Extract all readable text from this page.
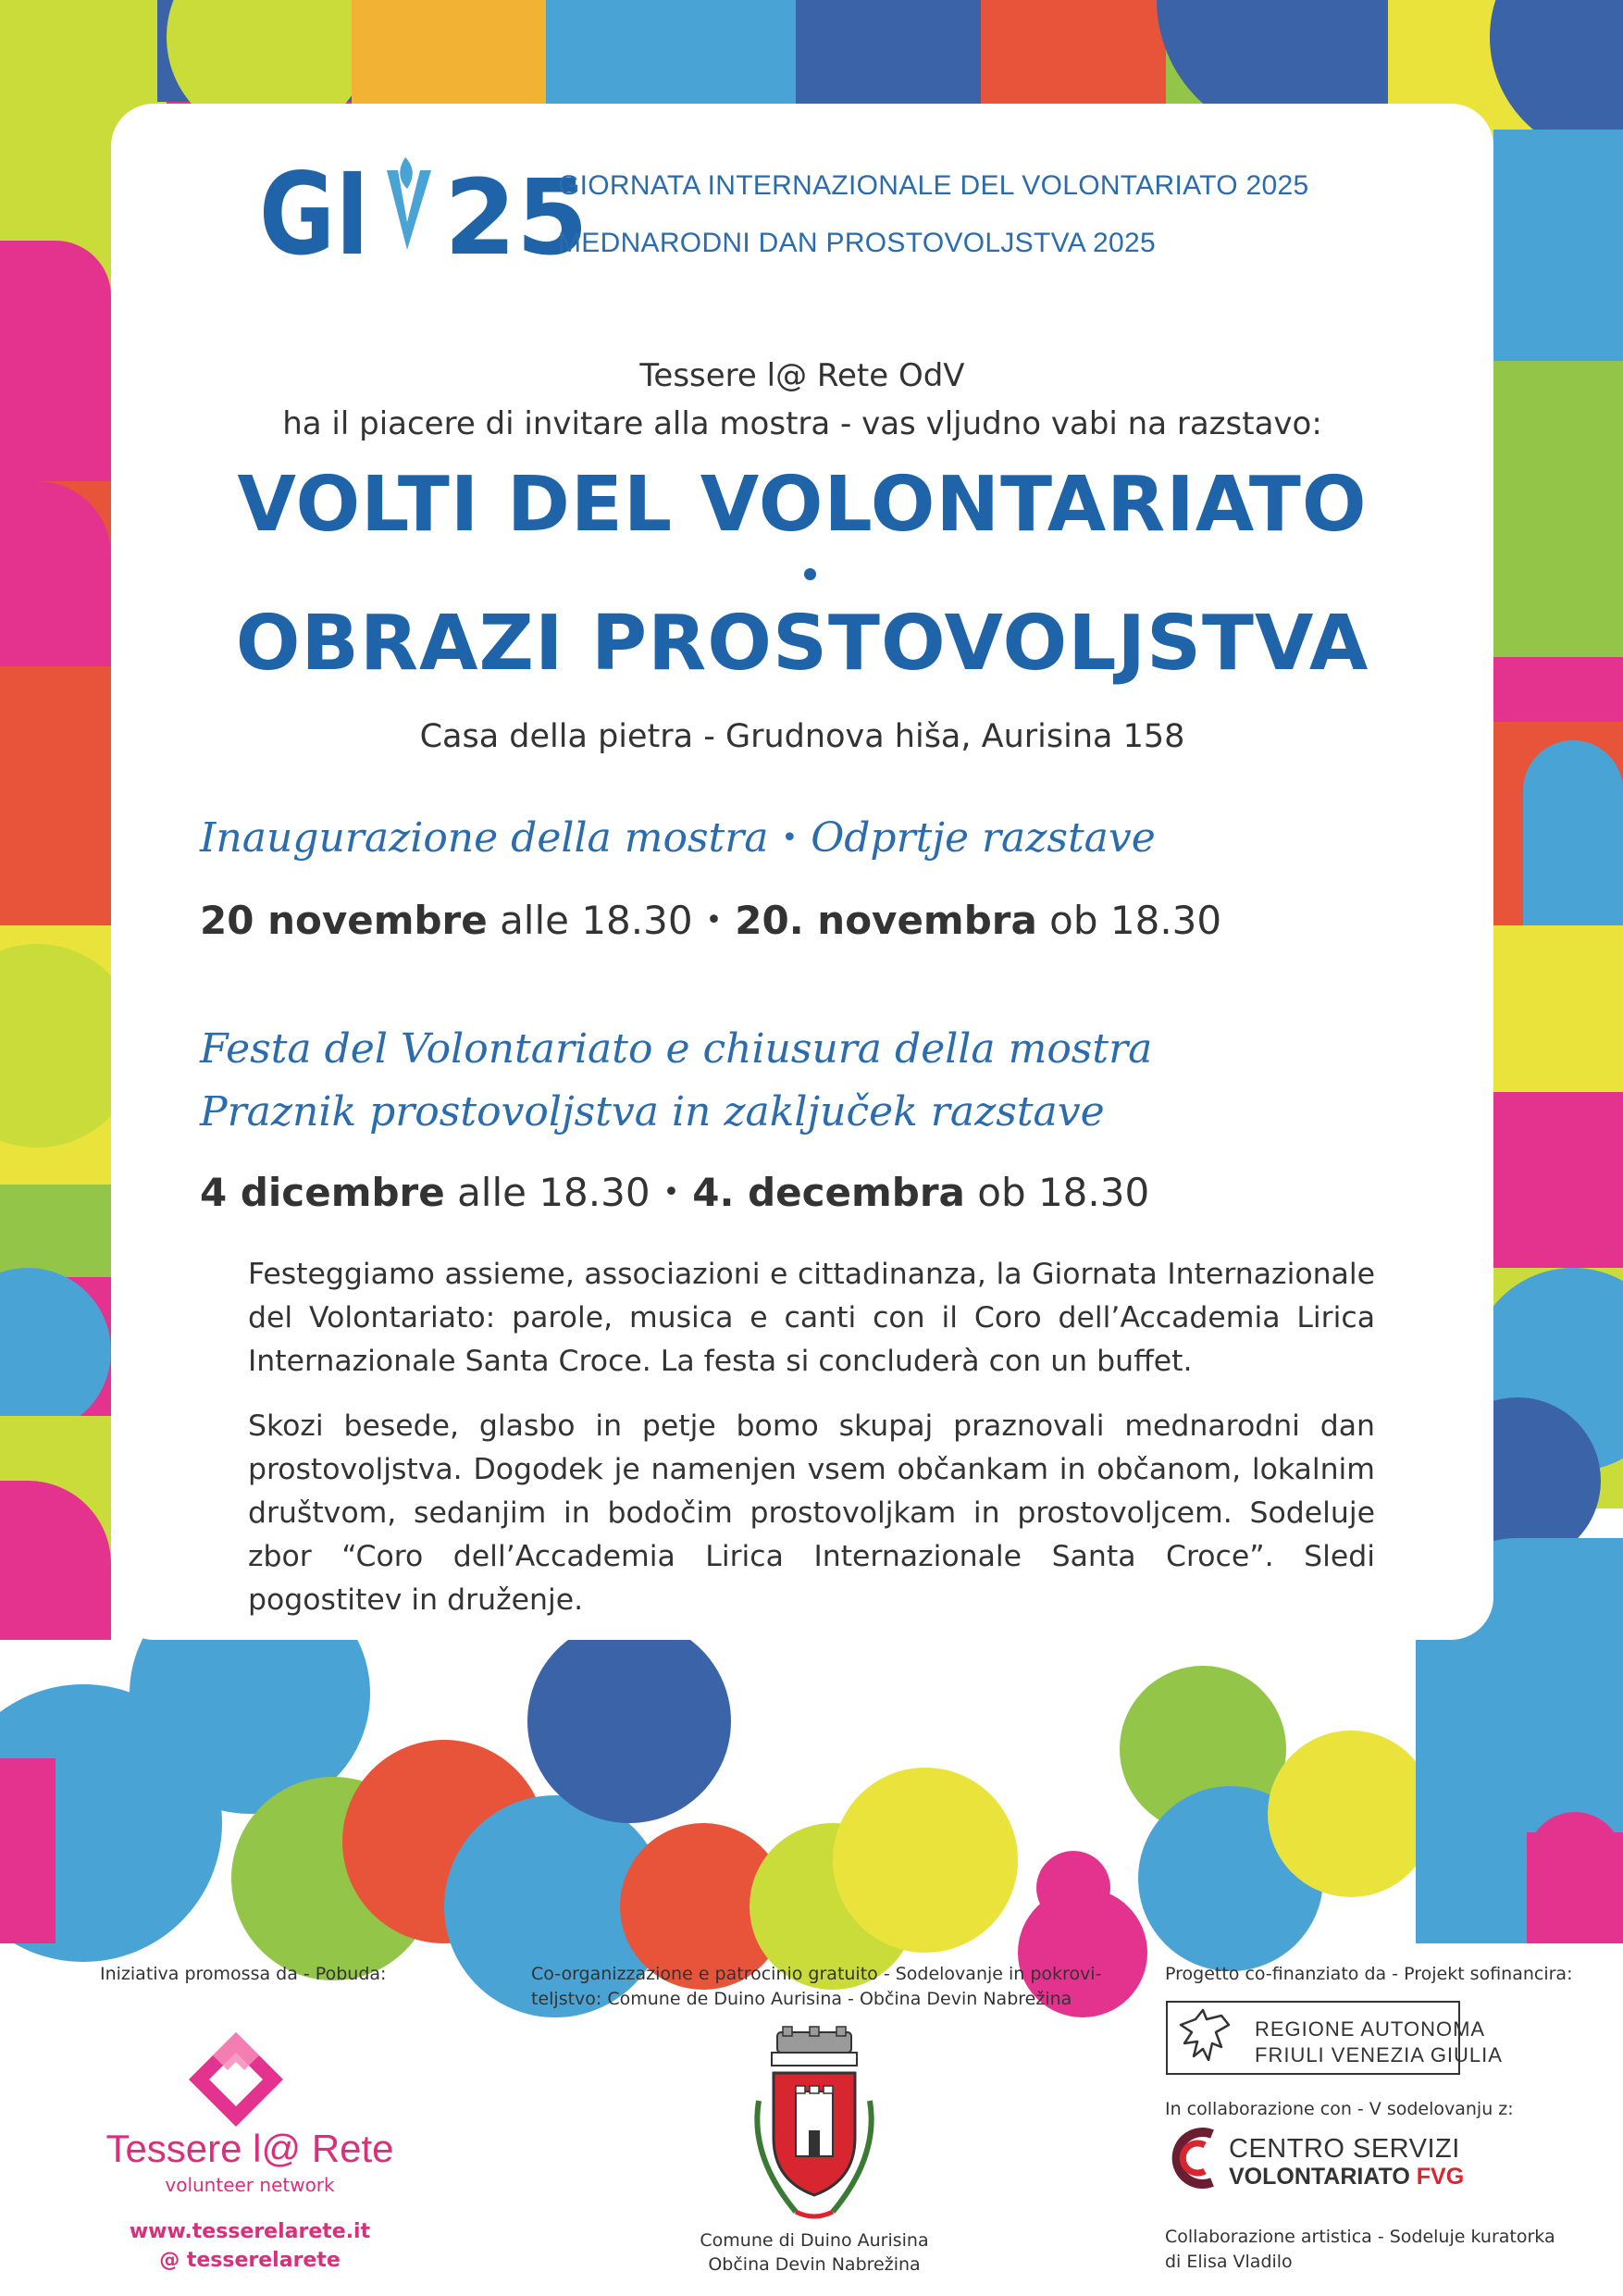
GI 25
GIORNATA INTERNAZIONALE DEL VOLONTARIATO 2025
MEDNARODNI DAN PROSTOVOLJSTVA 2025
Tessere l@ Rete OdV
ha il piacere di invitare alla mostra - vas vljudno vabi na razstavo:
VOLTI DEL VOLONTARIATO
OBRAZI PROSTOVOLJSTVA
Casa della pietra - Grudnova hiša, Aurisina 158
Inaugurazione della mostra • Odprtje razstave
20 novembre alle 18.30 • 20. novembra ob 18.30
Festa del Volontariato e chiusura della mostra
Praznik prostovoljstva in zaključek razstave
4 dicembre alle 18.30 • 4. decembra ob 18.30

Festeggiamo assieme, associazioni e cittadinanza, la Giornata Internazionale del Volontariato: parole, musica e canti con il Coro dell’Accademia Lirica Internazionale Santa Croce. La festa si concluderà con un buffet.

Skozi besede, glasbo in petje bomo skupaj praznovali mednarodni dan prostovoljstva. Dogodek je namenjen vsem občankam in občanom, lokalnim društvom, sedanjim in bodočim prostovoljkam in prostovoljcem. Sodeluje zbor “Coro dell’Accademia Lirica Internazionale Santa Croce”. Sledi pogostitev in druženje.

Iniziativa promossa da - Pobuda:
Tessere l@ Rete
volunteer network
www.tesserelarete.it
@ tesserelarete
Co-organizzazione e patrocinio gratuito - Sodelovanje in pokrovi-
teljstvo: Comune de Duino Aurisina - Občina Devin Nabrežina
Comune di Duino Aurisina
Občina Devin Nabrežina
Progetto co-finanziato da - Projekt sofinancira:
REGIONE AUTONOMA
FRIULI VENEZIA GIULIA
In collaborazione con - V sodelovanju z:
CENTRO SERVIZI
VOLONTARIATO FVG
Collaborazione artistica - Sodeluje kuratorka
di Elisa Vladilo
